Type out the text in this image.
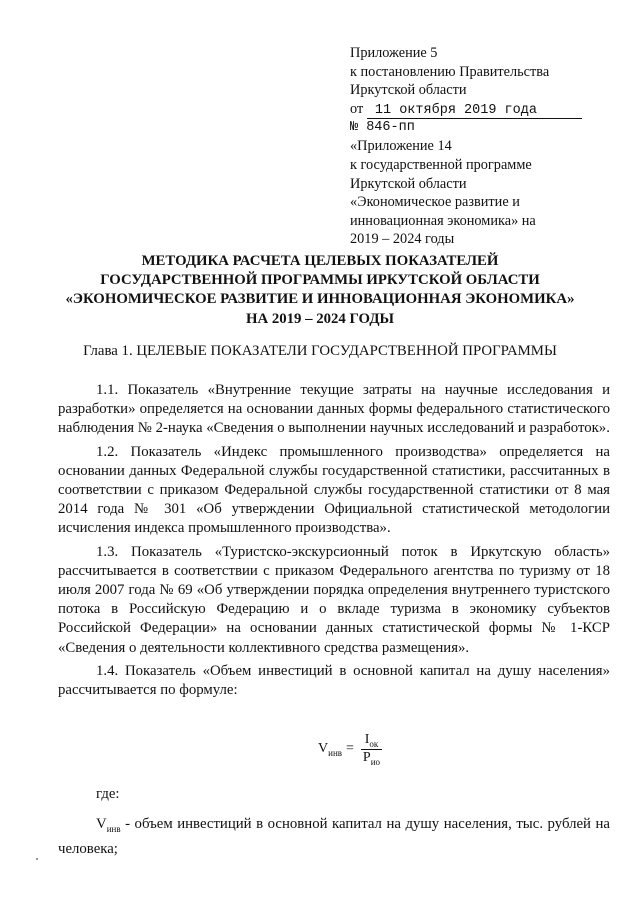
Приложение 5
к постановлению Правительства
Иркутской области
от 11 октября 2019 года
№ 846-пп
«Приложение 14
к государственной программе
Иркутской области
«Экономическое развитие и
инновационная экономика» на
2019 – 2024 годы
МЕТОДИКА РАСЧЕТА ЦЕЛЕВЫХ ПОКАЗАТЕЛЕЙ
ГОСУДАРСТВЕННОЙ ПРОГРАММЫ ИРКУТСКОЙ ОБЛАСТИ
«ЭКОНОМИЧЕСКОЕ РАЗВИТИЕ И ИННОВАЦИОННАЯ ЭКОНОМИКА»
НА 2019 – 2024 ГОДЫ
Глава 1. ЦЕЛЕВЫЕ ПОКАЗАТЕЛИ ГОСУДАРСТВЕННОЙ ПРОГРАММЫ

1.1. Показатель «Внутренние текущие затраты на научные исследования и разработки» определяется на основании данных формы федерального статистического наблюдения № 2-наука «Сведения о выполнении научных исследований и разработок».

1.2. Показатель «Индекс промышленного производства» определяется на основании данных Федеральной службы государственной статистики, рассчитанных в соответствии с приказом Федеральной службы государственной статистики от 8 мая 2014 года № 301 «Об утверждении Официальной статистической методологии исчисления индекса промышленного производства».

1.3. Показатель «Туристско-экскурсионный поток в Иркутскую область» рассчитывается в соответствии с приказом Федерального агентства по туризму от 18 июля 2007 года № 69 «Об утверждении порядка определения внутреннего туристского потока в Российскую Федерацию и о вкладе туризма в экономику субъектов Российской Федерации» на основании данных статистической формы № 1-КСР «Сведения о деятельности коллективного средства размещения».

1.4. Показатель «Объем инвестиций в основной капитал на душу населения» рассчитывается по формуле:

$V_{инв} = \frac{I_{ок}}{P_{ио}}$
где:

$V_{инв}$ - объем инвестиций в основной капитал на душу населения, тыс. рублей на человека;
